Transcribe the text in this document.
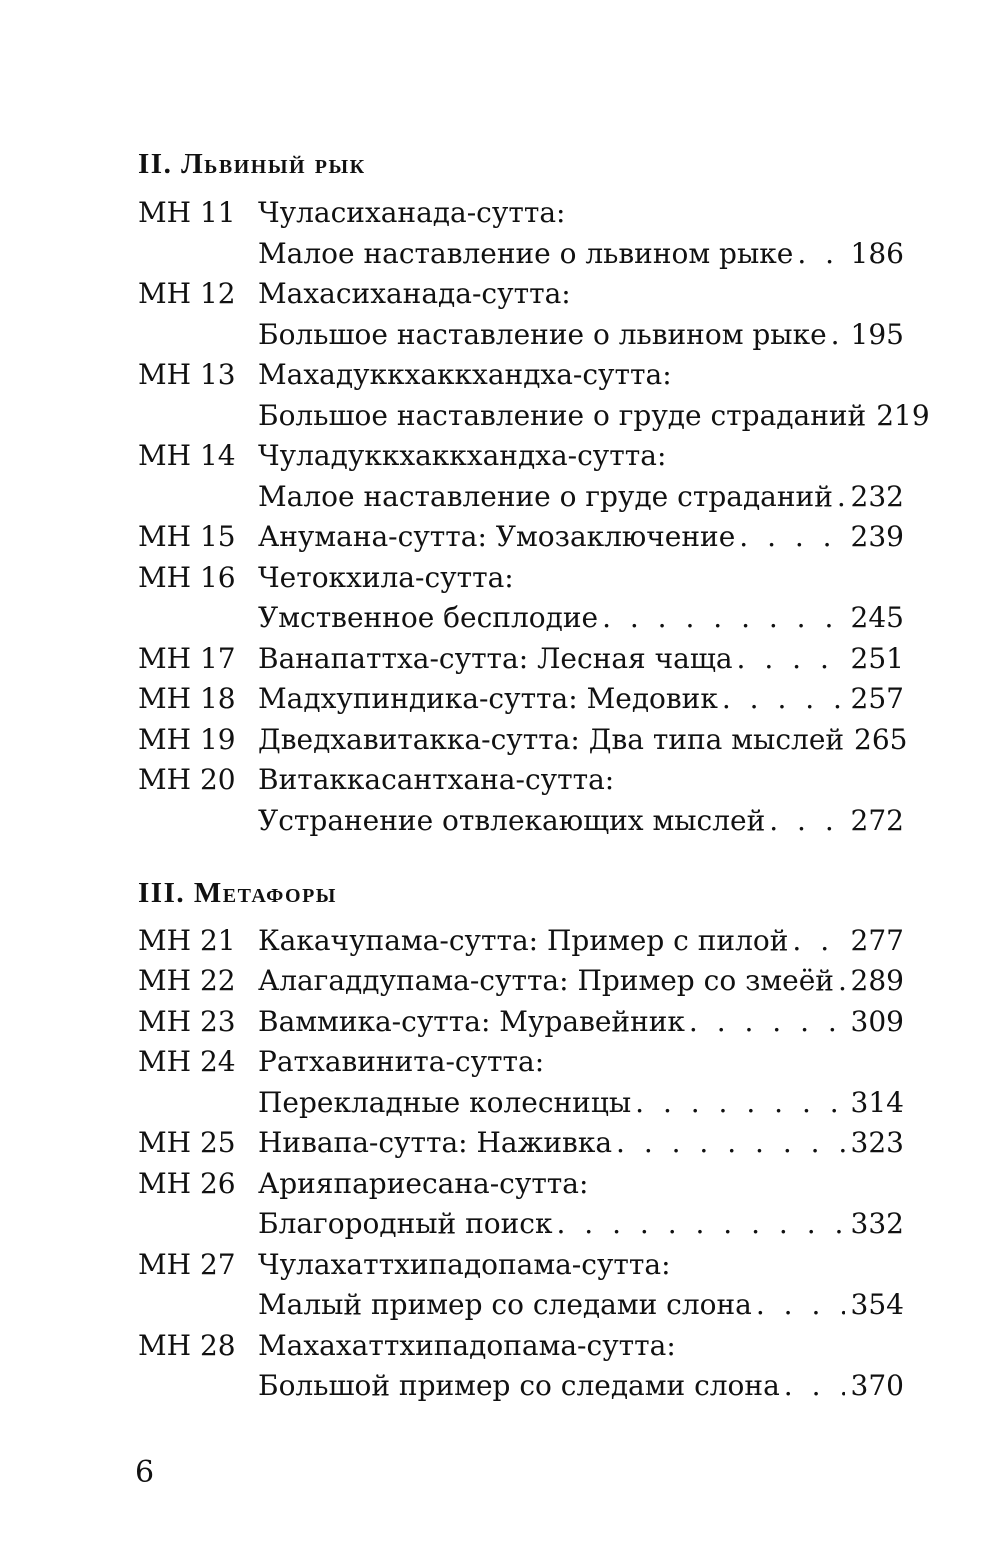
II. Львиный рык
МН 11 Чуласиханада-сутта:
Малое наставление о львином рыке . . . 186
МН 12 Махасиханада-сутта:
Большое наставление о львином рыке . . . 195
МН 13 Махадуккхаккхандха-сутта:
Большое наставление о груде страданий 219
МН 14 Чуладуккхаккхандха-сутта:
Малое наставление о груде страданий . . . 232
МН 15 Анумана-сутта: Умозаключение . . .	239
МН 16 Четокхила-сутта:
Умственное бесплодие . . .	245
МН 17 Ванапаттха-сутта: Лесная чаща . . .	251
МН 18 Мадхупиндика-сутта: Медовик . . .	257
МН 19 Дведхавитакка-сутта: Два типа мыслей 265
МН 20 Витаккасантхана-сутта:
Устранение отвлекающих мыслей . . .	272
III. Метафоры
МН 21 Какачупама-сутта: Пример с пилой . . . 277
МН 22 Алагаддупама-сутта: Пример со змеёй . . . 289
МН 23 Ваммика-сутта: Муравейник . . .	309
МН 24 Ратхавинита-сутта:
Перекладные колесницы . . .	314
МН 25 Нивапа-сутта: Наживка . . .	323
МН 26 Арияпариесана-сутта:
Благородный поиск . . .	332
МН 27 Чулахаттхипадопама-сутта:
Малый пример со следами слона . . .	354
МН 28 Махахаттхипадопама-сутта:
Большой пример со следами слона . . .	370
6
